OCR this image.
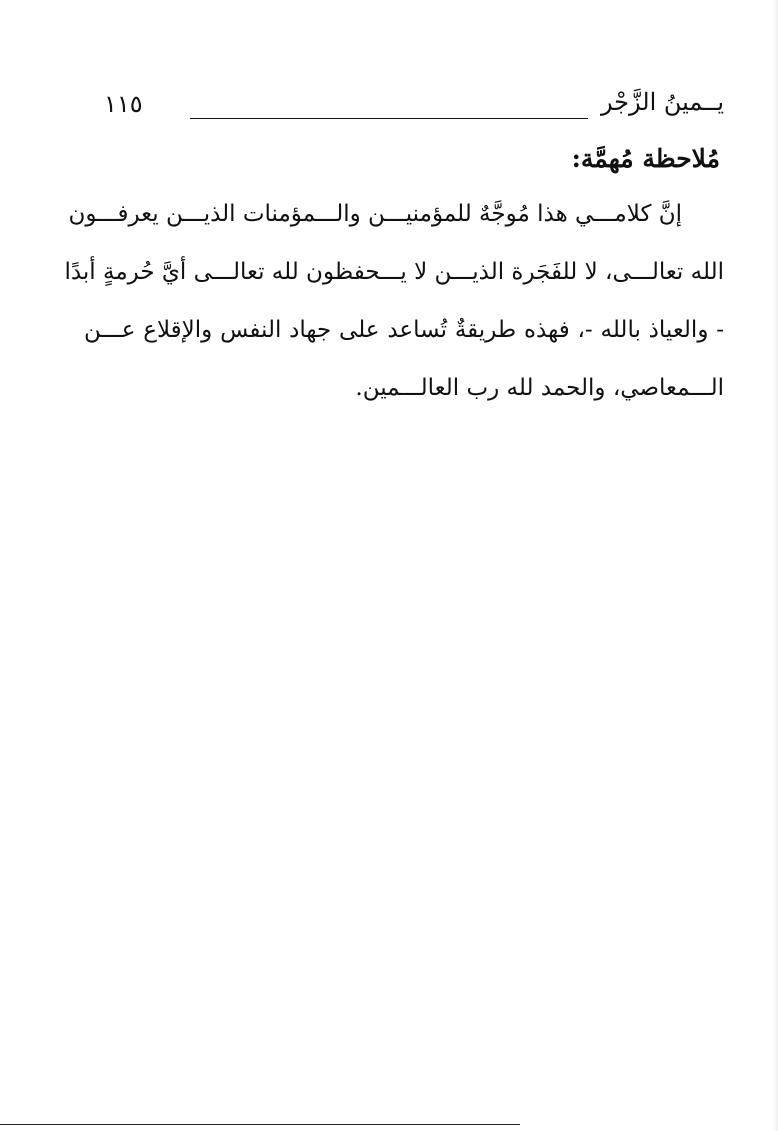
١١٥	يــمينُ الزَّجْر
مُلاحظة مُهمَّة:
إنَّ كلامـــي هذا مُوجَّهٌ للمؤمنيـــن والـــمؤمنات الذيـــن يعرفـــون
الله تعالـــى، لا للفَجَرة الذيـــن لا يـــحفظون لله تعالـــى أيَّ حُرمةٍ أبدًا
- والعياذ بالله -، فهذه طريقةٌ تُساعد على جهاد النفس والإقلاع عـــن
الـــمعاصي، والحمد لله رب العالـــمين.
